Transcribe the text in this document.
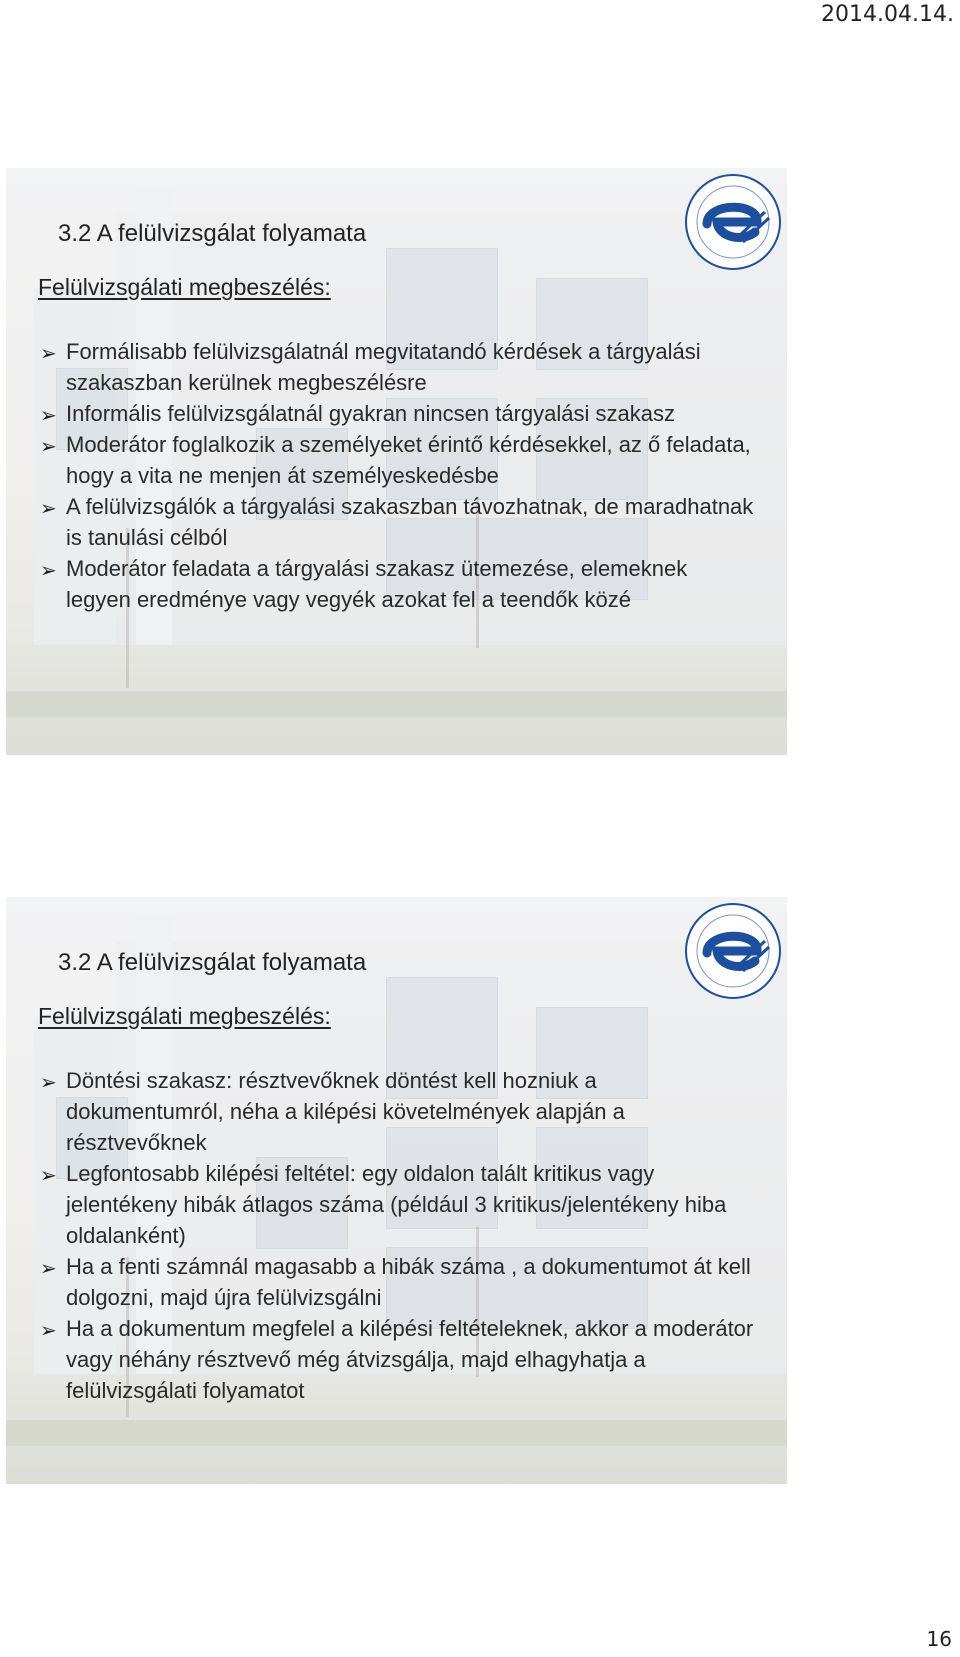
2014.04.14.
3.2 A felülvizsgálat folyamata
Felülvizsgálati megbeszélés:
➢ Formálisabb felülvizsgálatnál megvitatandó kérdések a tárgyalási szakaszban kerülnek megbeszélésre
➢ Informális felülvizsgálatnál gyakran nincsen tárgyalási szakasz
➢ Moderátor foglalkozik a személyeket érintő kérdésekkel, az ő feladata, hogy a vita ne menjen át személyeskedésbe
➢ A felülvizsgálók a tárgyalási szakaszban távozhatnak, de maradhatnak is tanulási célból
➢ Moderátor feladata a tárgyalási szakasz ütemezése, elemeknek legyen eredménye vagy vegyék azokat fel a teendők közé
3.2 A felülvizsgálat folyamata
Felülvizsgálati megbeszélés:
➢ Döntési szakasz: résztvevőknek döntést kell hozniuk a dokumentumról, néha a kilépési követelmények alapján a résztvevőknek
➢ Legfontosabb kilépési feltétel: egy oldalon talált kritikus vagy jelentékeny hibák átlagos száma (például 3 kritikus/jelentékeny hiba oldalanként)
➢ Ha a fenti számnál magasabb a hibák száma , a dokumentumot át kell dolgozni, majd újra felülvizsgálni
➢ Ha a dokumentum megfelel a kilépési feltételeknek, akkor a moderátor vagy néhány résztvevő még átvizsgálja, majd elhagyhatja a felülvizsgálati folyamatot
16
